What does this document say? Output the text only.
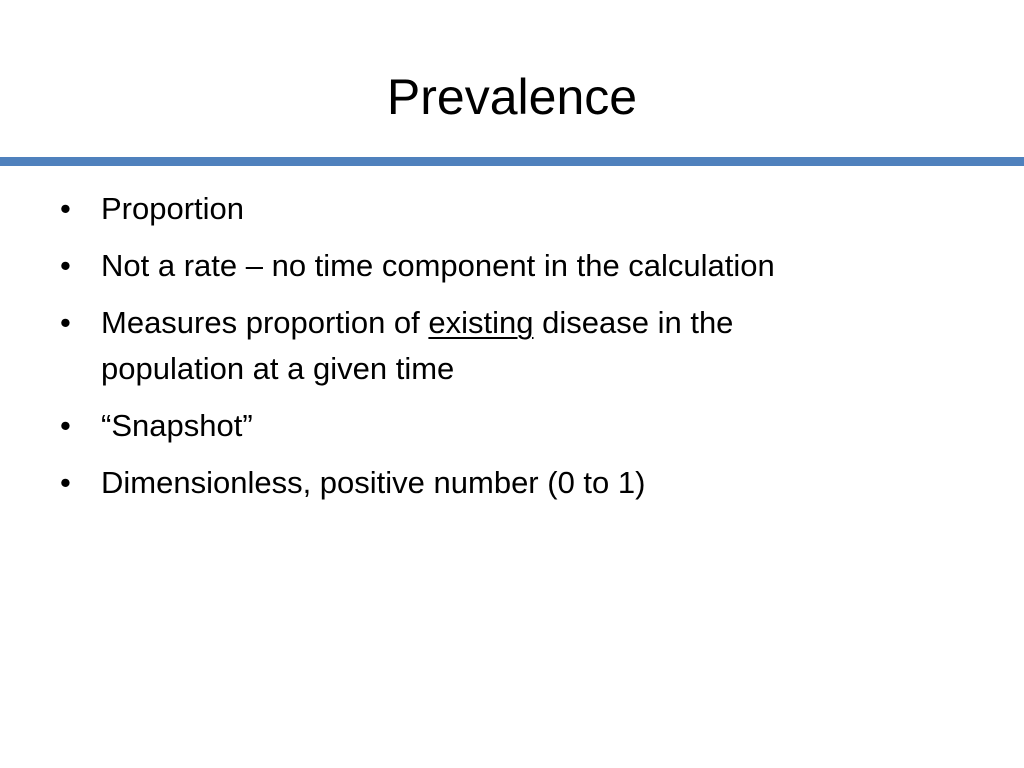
Prevalence
• Proportion
• Not a rate – no time component in the calculation
• Measures proportion of existing disease in the population at a given time
• “Snapshot”
• Dimensionless, positive number (0 to 1)
